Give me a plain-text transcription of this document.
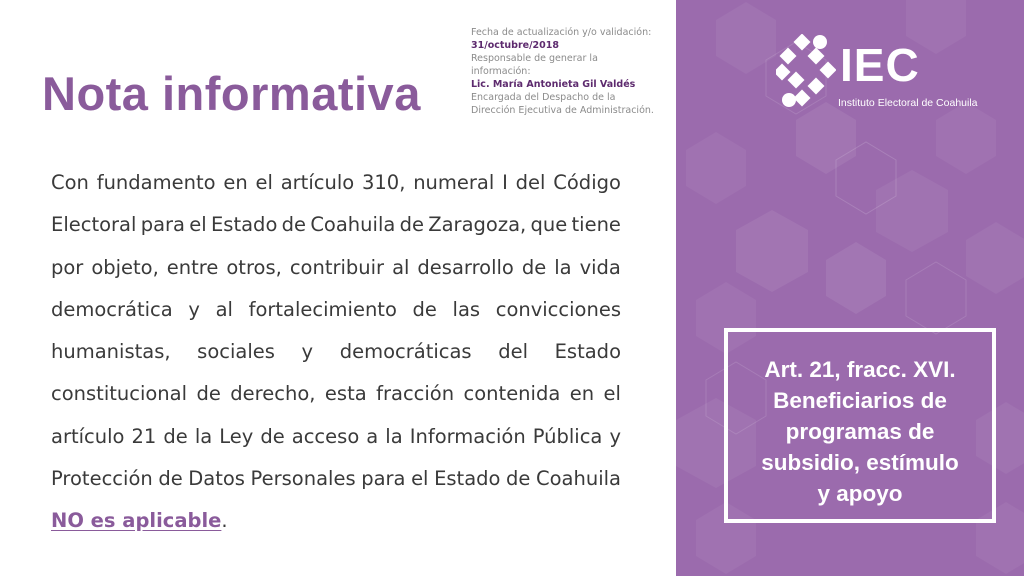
Nota informativa
Fecha de actualización y/o validación:
31/octubre/2018
Responsable de generar la
información:
Lic. María Antonieta Gil Valdés
Encargada del Despacho de la
Dirección Ejecutiva de Administración.
Con fundamento en el artículo 310, numeral I del Código
Electoral para el Estado de Coahuila de Zaragoza, que tiene
por objeto, entre otros, contribuir al desarrollo de la vida
democrática y al fortalecimiento de las convicciones
humanistas, sociales y democráticas del Estado
constitucional de derecho, esta fracción contenida en el
artículo 21 de la Ley de acceso a la Información Pública y
Protección de Datos Personales para el Estado de Coahuila
NO es aplicable.
IEC
Instituto Electoral de Coahuila
Art. 21, fracc. XVI.
Beneficiarios de
programas de
subsidio, estímulo
y apoyo
